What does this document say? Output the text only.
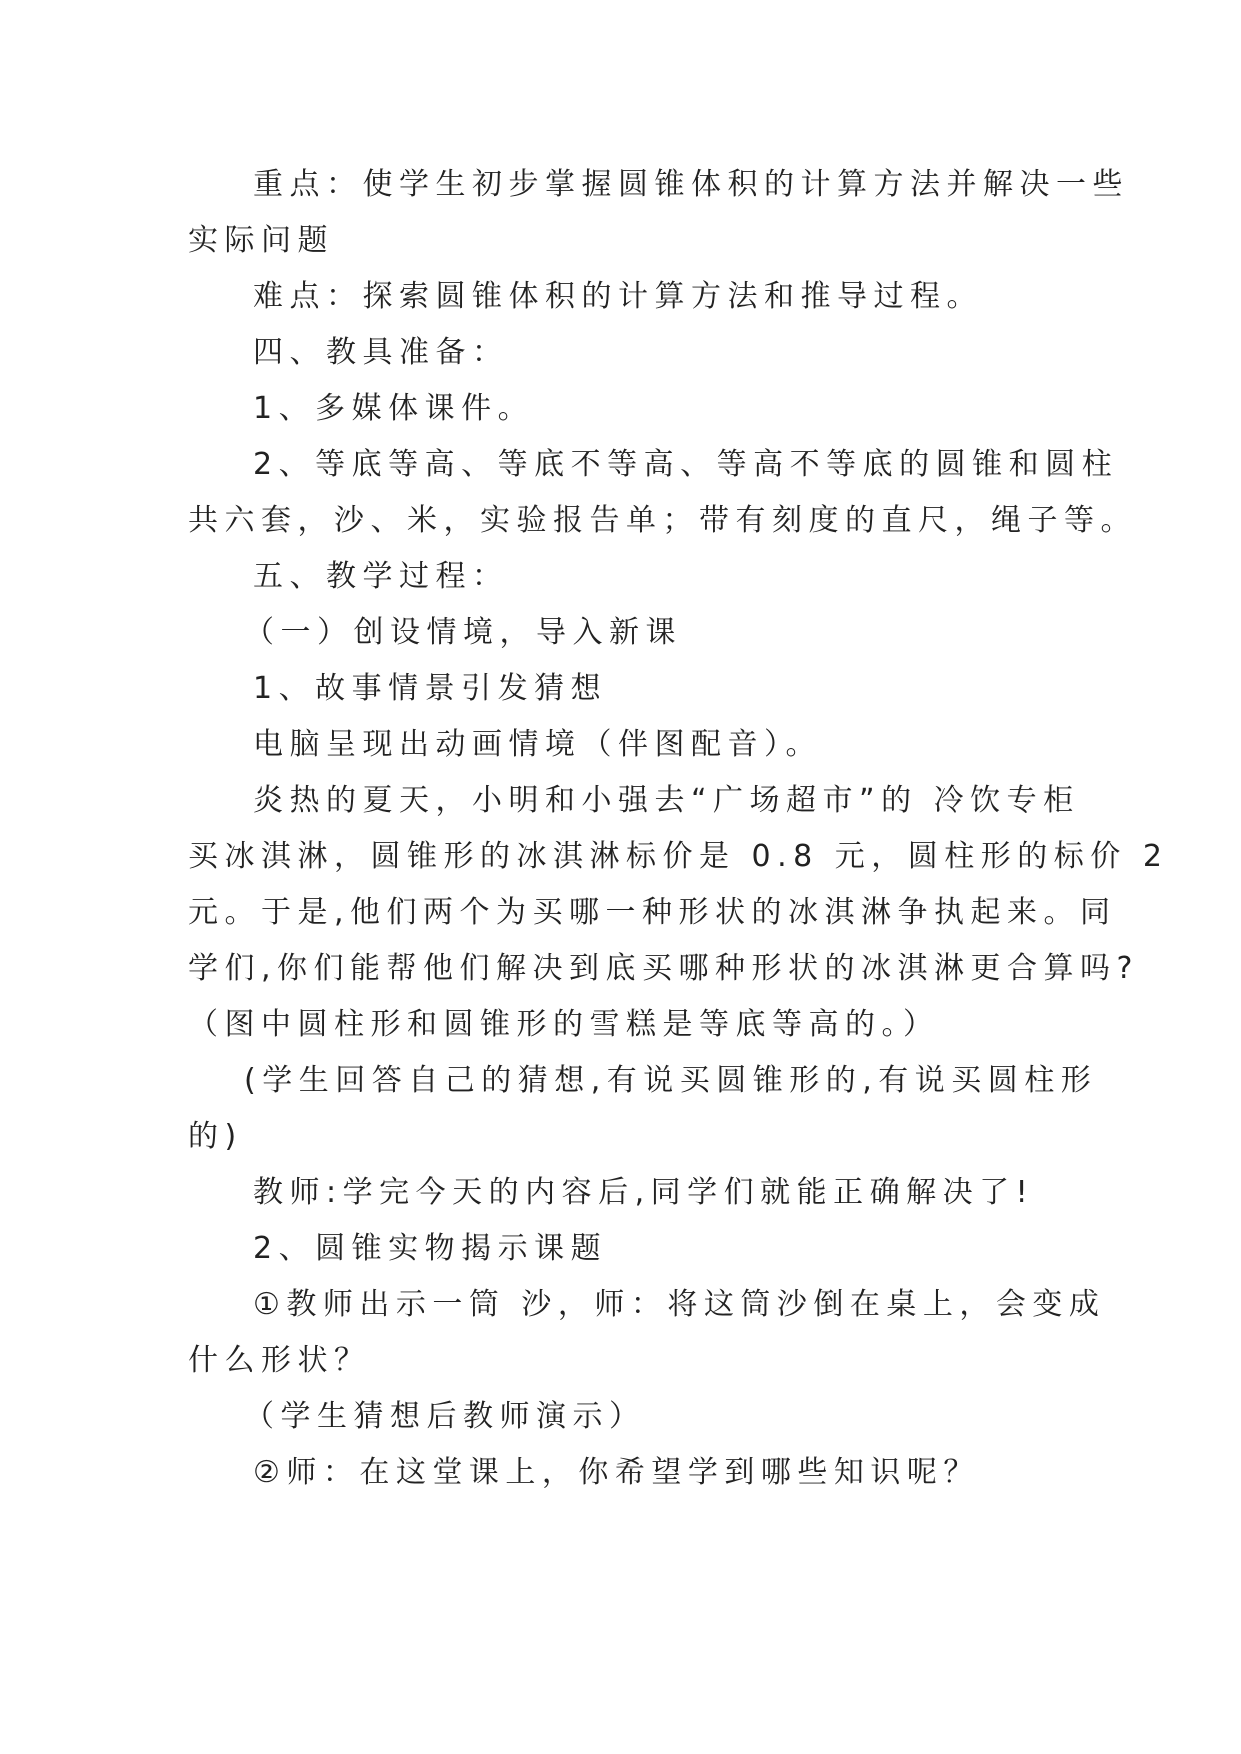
重点：使学生初步掌握圆锥体积的计算方法并解决一些

实际问题

难点：探索圆锥体积的计算方法和推导过程。

四、教具准备：

1、多媒体课件。

2、等底等高、等底不等高、等高不等底的圆锥和圆柱

共六套，沙、米，实验报告单；带有刻度的直尺，绳子等。

五、教学过程：

（一）创设情境，导入新课

1、故事情景引发猜想

电脑呈现出动画情境（伴图配音）。

炎热的夏天，小明和小强去“广场超市”的 冷饮专柜

买冰淇淋，圆锥形的冰淇淋标价是 0.8 元，圆柱形的标价 2

元。于是,他们两个为买哪一种形状的冰淇淋争执起来。同

学们,你们能帮他们解决到底买哪种形状的冰淇淋更合算吗?

（图中圆柱形和圆锥形的雪糕是等底等高的。）

(学生回答自己的猜想,有说买圆锥形的,有说买圆柱形

的)

教师:学完今天的内容后,同学们就能正确解决了!

2、圆锥实物揭示课题

①教师出示一筒 沙，师：将这筒沙倒在桌上，会变成

什么形状？

（学生猜想后教师演示）

②师：在这堂课上，你希望学到哪些知识呢？
